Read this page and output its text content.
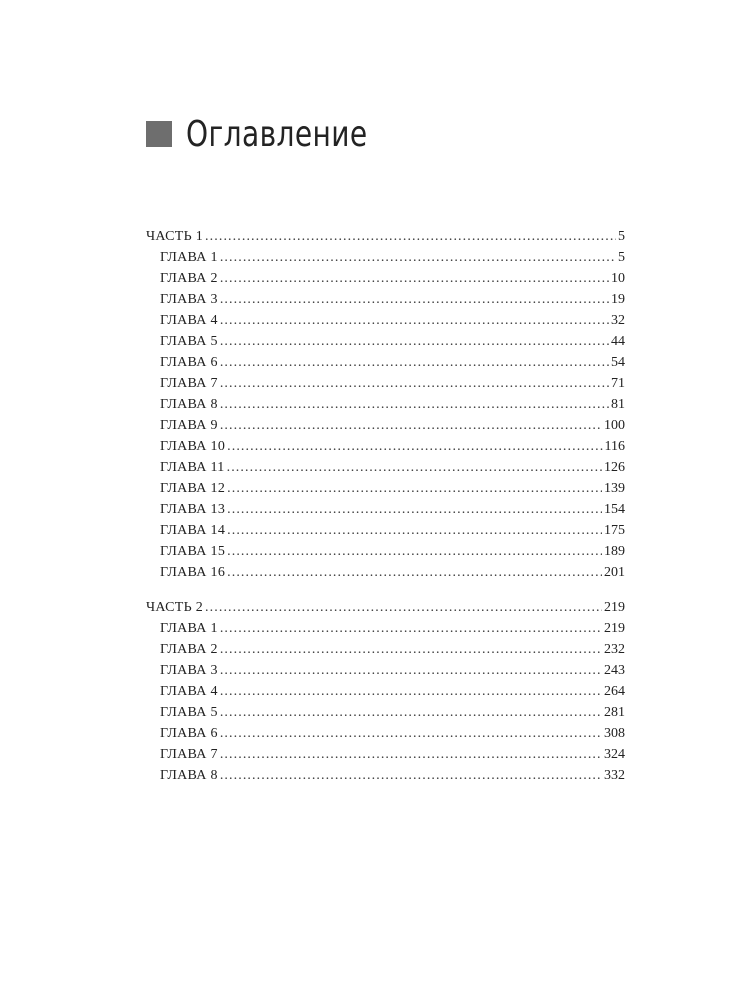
Оглавление
ЧАСТЬ 1 . . .	5
ГЛАВА 1 . . .	5
ГЛАВА 2 . . .	10
ГЛАВА 3 . . .	19
ГЛАВА 4 . . .	32
ГЛАВА 5 . . .	44
ГЛАВА 6 . . .	54
ГЛАВА 7 . . .	71
ГЛАВА 8 . . .	81
ГЛАВА 9 . . .	100
ГЛАВА 10 . . .	116
ГЛАВА 11 . . .	126
ГЛАВА 12 . . .	139
ГЛАВА 13 . . .	154
ГЛАВА 14 . . .	175
ГЛАВА 15 . . .	189
ГЛАВА 16 . . .	201
ЧАСТЬ 2 . . .	219
ГЛАВА 1 . . .	219
ГЛАВА 2 . . .	232
ГЛАВА 3 . . .	243
ГЛАВА 4 . . .	264
ГЛАВА 5 . . .	281
ГЛАВА 6 . . .	308
ГЛАВА 7 . . .	324
ГЛАВА 8 . . .	332
